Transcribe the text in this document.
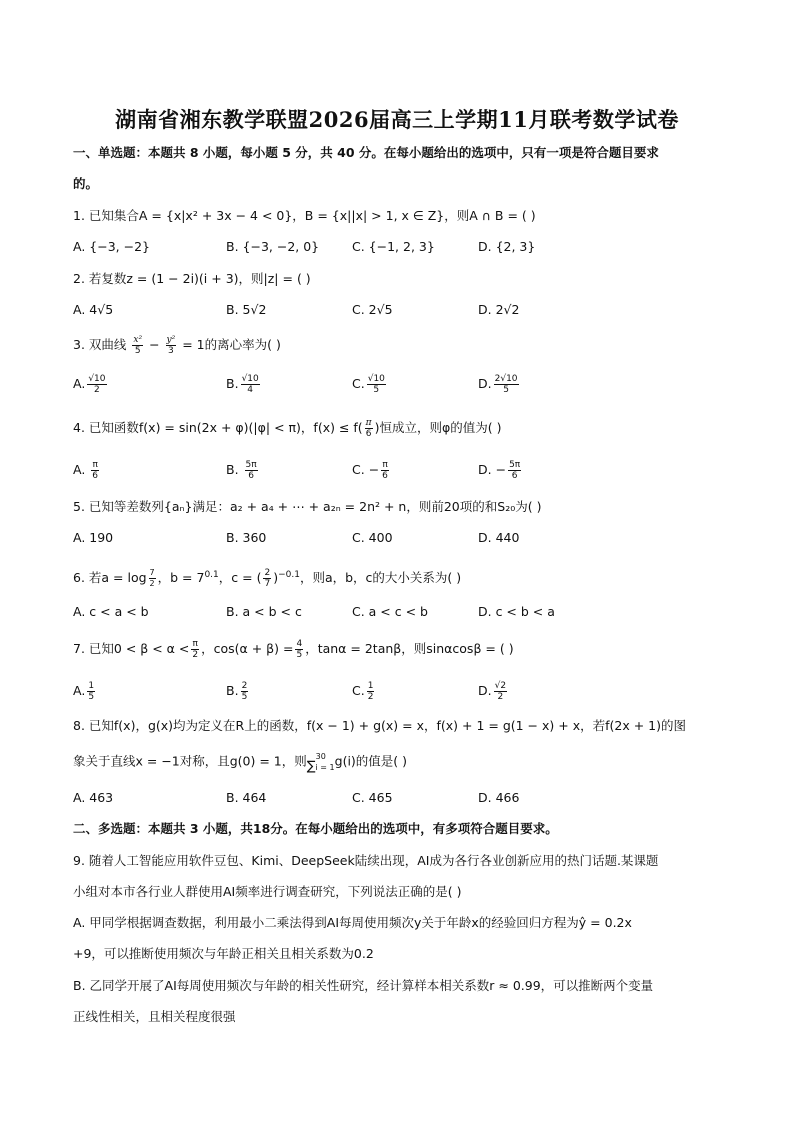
湖南省湘东教学联盟2026届高三上学期11月联考数学试卷
一、单选题：本题共 8 小题，每小题 5 分，共 40 分。在每小题给出的选项中，只有一项是符合题目要求
的。
1. 已知集合A = {x|x² + 3x − 4 < 0}，B = {x||x| > 1, x ∈ Z}，则A ∩ B = ( )
A. {−3, −2}	B. {−3, −2, 0}	C. {−1, 2, 3}	D. {2, 3}
2. 若复数z = (1 − 2i)(i + 3)，则|z| = ( )
A. 4√5	B. 5√2	C. 2√5	D. 2√2
3. 双曲线 $\frac{\text{x²}}{5} - \frac{\text{y²}}{3} = 1$的离心率为( )
A. $\frac{√10}{2}$	B. $\frac{√10}{4}$	C. $\frac{√10}{5}$	D. $\frac{2√10}{5}$
4. 已知函数f(x) = sin(2x + φ)(|φ| < π)，$f(x) \le f( \frac{\pi}{6}$ )恒成立，则φ的值为( )
A. $\frac{\pi}{6}$	B. $\frac{5\pi}{6}$	C. − $\frac{\pi}{6}$	D. − $\frac{5\pi}{6}$
5. 已知等差数列{aₙ}满足：a₂ + a₄ + ⋯ + a₂ₙ = 2n² + n，则前20项的和S₂₀为( )
A. 190	B. 360	C. 400	D. 440
6. 若$a = \log \frac{7}{2}$ ，$b = 7^{0.1}$，c = ( $\frac{2}{7} )^{-0.1}$，则a，b，c的大小关系为( )
A. c < a < b	B. a < b < c	C. a < c < b	D. c < b < a
7. 已知$0 < \beta < \alpha < \frac{\pi}{2}$ ，$\cos(\alpha + \beta) = \frac{4}{5}$ ，tanα = 2tanβ，则sinαcosβ = ( )
A. $\frac{1}{5}$	B. $\frac{2}{5}$	C. $\frac{1}{2}$	D. $\frac{√2}{2}$
8. 已知f(x)，g(x)均为定义在R上的函数，f(x − 1) + g(x) = x，f(x) + 1 = g(1 − x) + x，若f(2x + 1)的图
象关于直线x = −1对称，且g(0) = 1，则	30
∑i = 1g(i)的值是( )
A. 463	B. 464	C. 465	D. 466
二、多选题：本题共 3 小题，共18分。在每小题给出的选项中，有多项符合题目要求。
9. 随着人工智能应用软件豆包、Kimi、DeepSeek陆续出现，AI成为各行各业创新应用的热门话题.某课题
小组对本市各行业人群使用AI频率进行调查研究，下列说法正确的是( )
A. 甲同学根据调查数据，利用最小二乘法得到AI每周使用频次y关于年龄x的经验回归方程为ŷ = 0.2x
+9，可以推断使用频次与年龄正相关且相关系数为0.2
B. 乙同学开展了AI每周使用频次与年龄的相关性研究，经计算样本相关系数r ≈ 0.99，可以推断两个变量
正线性相关，且相关程度很强
